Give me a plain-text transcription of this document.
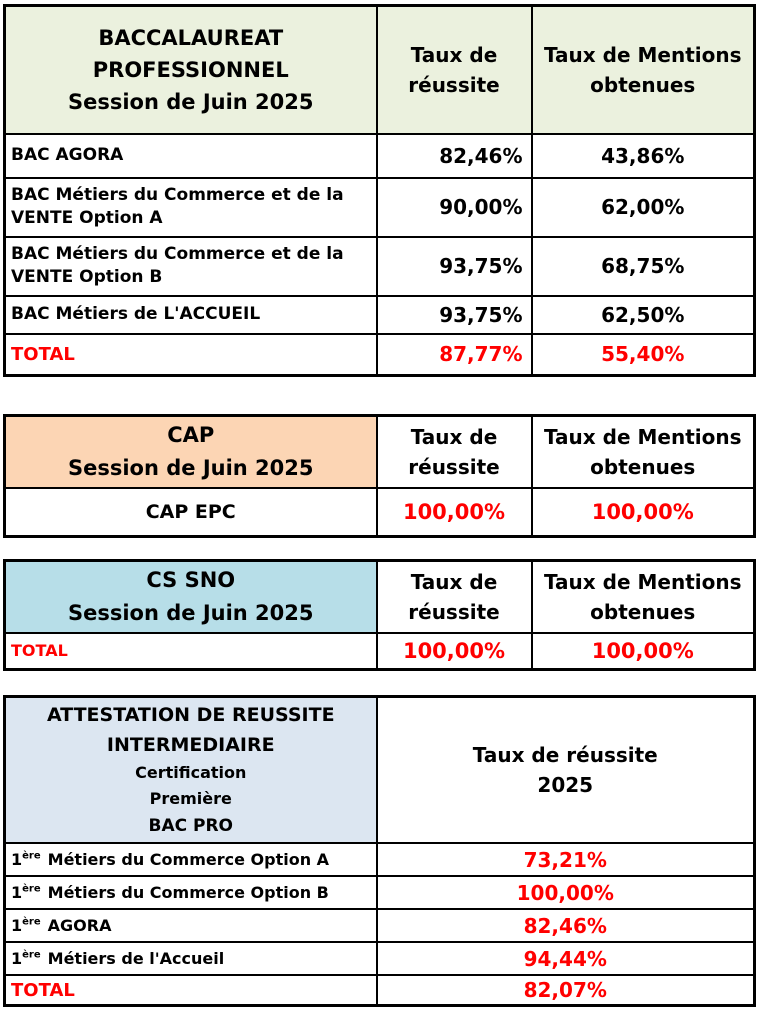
BACCALAUREAT
PROFESSIONNEL
Session de Juin 2025

Taux de
réussite

Taux de Mentions
obtenues

BAC AGORA	82,46%	43,86%

BAC Métiers du Commerce et de la
VENTE Option A	90,00%	62,00%

BAC Métiers du Commerce et de la
VENTE Option B	93,75%	68,75%

BAC Métiers de L'ACCUEIL	93,75%	62,50%
TOTAL	87,77%	55,40%
CAP
Session de Juin 2025

Taux de
réussite

Taux de Mentions
obtenues

CAP EPC	100,00%	100,00%
CS SNO
Session de Juin 2025

Taux de
réussite

Taux de Mentions
obtenues

TOTAL	100,00%	100,00%
ATTESTATION DE REUSSITE
INTERMEDIAIRE
Certification
Première
BAC PRO

Taux de réussite
2025

1ère Métiers du Commerce Option A	73,21%
1ère Métiers du Commerce Option B	100,00%
1ère AGORA	82,46%
1ère Métiers de l'Accueil	94,44%
TOTAL	82,07%
